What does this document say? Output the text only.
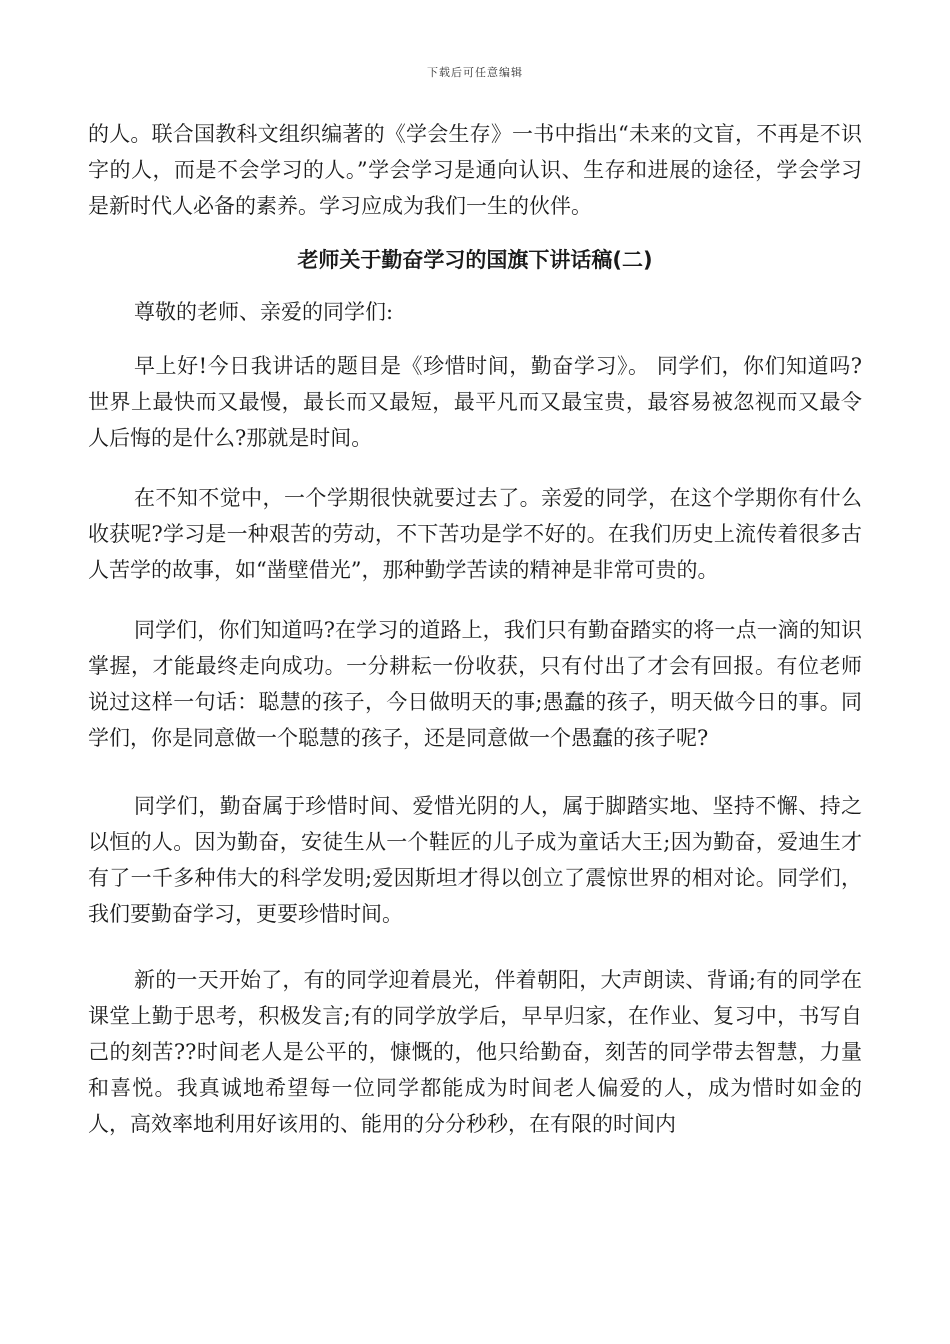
下载后可任意编辑

的人。联合国教科文组织编著的《学会生存》一书中指出“未来的文盲，不再是不识字的人，而是不会学习的人。”学会学习是通向认识、生存和进展的途径，学会学习是新时代人必备的素养。学习应成为我们一生的伙伴。

老师关于勤奋学习的国旗下讲话稿(二)

尊敬的老师、亲爱的同学们:

早上好!今日我讲话的题目是《珍惜时间，勤奋学习》。 同学们，你们知道吗?世界上最快而又最慢，最长而又最短，最平凡而又最宝贵，最容易被忽视而又最令人后悔的是什么?那就是时间。

在不知不觉中，一个学期很快就要过去了。亲爱的同学，在这个学期你有什么收获呢?学习是一种艰苦的劳动，不下苦功是学不好的。在我们历史上流传着很多古人苦学的故事，如“凿壁借光”，那种勤学苦读的精神是非常可贵的。

同学们，你们知道吗?在学习的道路上，我们只有勤奋踏实的将一点一滴的知识掌握，才能最终走向成功。一分耕耘一份收获，只有付出了才会有回报。有位老师说过这样一句话：聪慧的孩子，今日做明天的事;愚蠢的孩子，明天做今日的事。同学们，你是同意做一个聪慧的孩子，还是同意做一个愚蠢的孩子呢?

同学们，勤奋属于珍惜时间、爱惜光阴的人，属于脚踏实地、坚持不懈、持之以恒的人。因为勤奋，安徒生从一个鞋匠的儿子成为童话大王;因为勤奋，爱迪生才有了一千多种伟大的科学发明;爱因斯坦才得以创立了震惊世界的相对论。同学们，我们要勤奋学习，更要珍惜时间。

新的一天开始了，有的同学迎着晨光，伴着朝阳，大声朗读、背诵;有的同学在课堂上勤于思考，积极发言;有的同学放学后，早早归家，在作业、复习中，书写自己的刻苦??时间老人是公平的，慷慨的，他只给勤奋，刻苦的同学带去智慧，力量和喜悦。我真诚地希望每一位同学都能成为时间老人偏爱的人，成为惜时如金的人，高效率地利用好该用的、能用的分分秒秒，在有限的时间内
